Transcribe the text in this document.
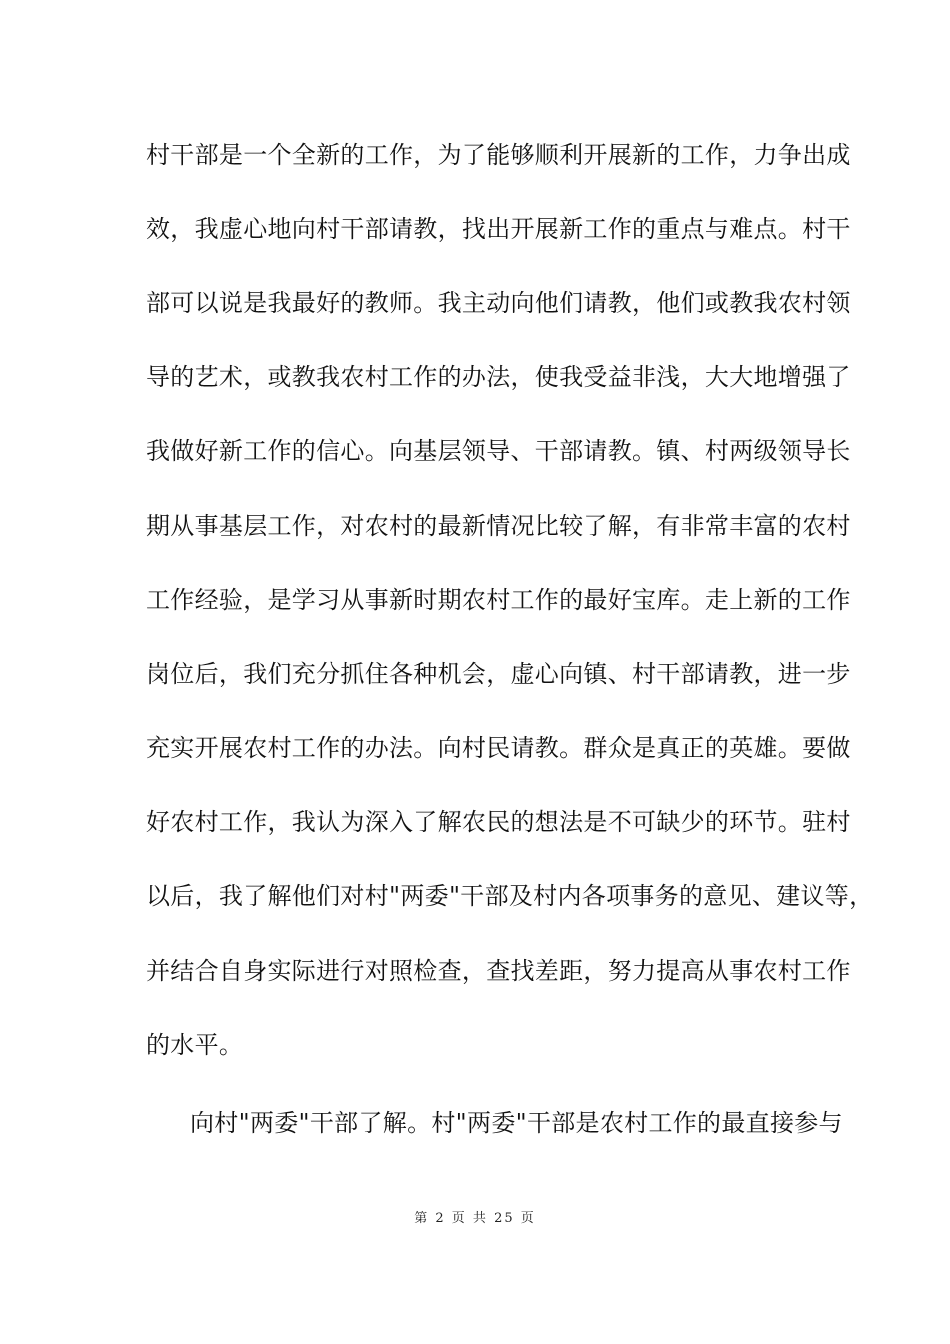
村干部是一个全新的工作，为了能够顺利开展新的工作，力争出成
效，我虚心地向村干部请教，找出开展新工作的重点与难点。村干
部可以说是我最好的教师。我主动向他们请教，他们或教我农村领
导的艺术，或教我农村工作的办法，使我受益非浅，大大地增强了
我做好新工作的信心。向基层领导、干部请教。镇、村两级领导长
期从事基层工作，对农村的最新情况比较了解，有非常丰富的农村
工作经验，是学习从事新时期农村工作的最好宝库。走上新的工作
岗位后，我们充分抓住各种机会，虚心向镇、村干部请教，进一步
充实开展农村工作的办法。向村民请教。群众是真正的英雄。要做
好农村工作，我认为深入了解农民的想法是不可缺少的环节。驻村
以后，我了解他们对村"两委"干部及村内各项事务的意见、建议等，
并结合自身实际进行对照检查，查找差距，努力提高从事农村工作
的水平。
向村"两委"干部了解。村"两委"干部是农村工作的最直接参与
第 2 页 共 25 页
